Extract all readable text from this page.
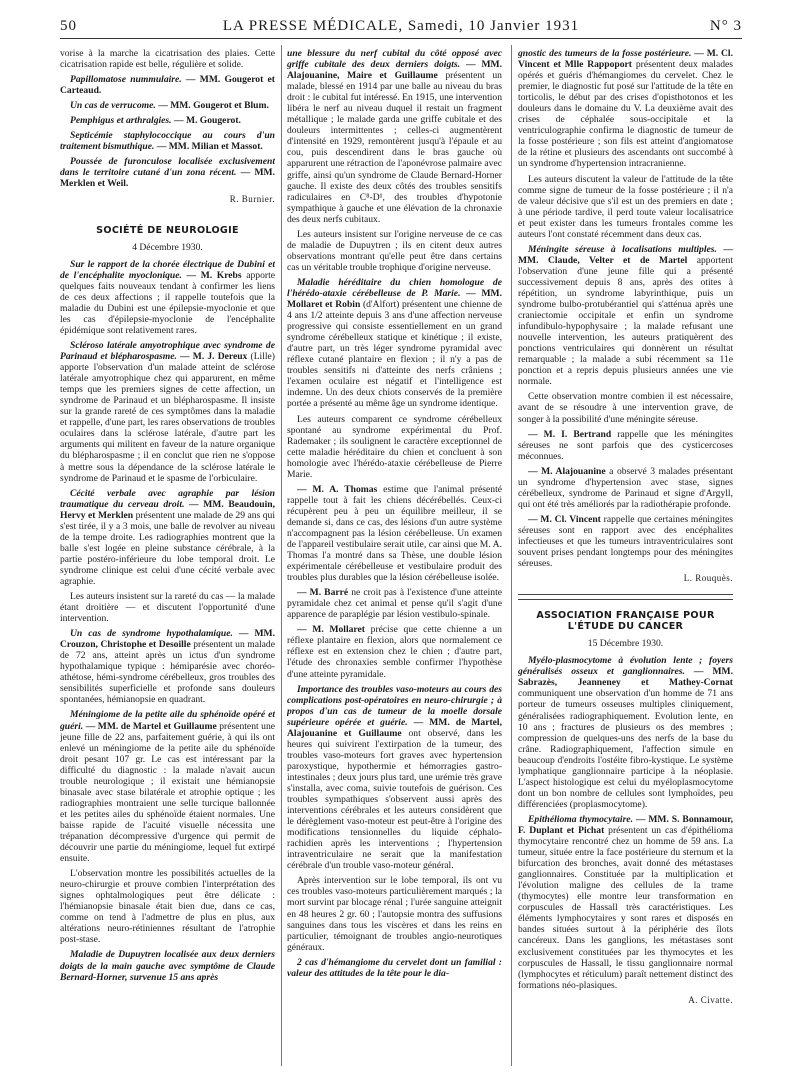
50	LA PRESSE MÉDICALE, Samedi, 10 Janvier 1931	N° 3

vorise à la marche la cicatrisation des plaies. Cette cicatrisation rapide est belle, régulière et solide.

Papillomatose nummulaire. — MM. Gougerot et Carteaud.

Un cas de verrucome. — MM. Gougerot et Blum.

Pemphigus et arthralgies. — M. Gougerot.

Septicémie staphylococcique au cours d'un traitement bismuthique. — MM. Milian et Massot.

Poussée de furonculose localisée exclusivement dans le territoire cutané d'un zona récent. — MM. Merklen et Weil.

R. Burnier.
SOCIÉTÉ DE NEUROLOGIE
4 Décembre 1930.

Sur le rapport de la chorée électrique de Dubini et de l'encéphalite myoclonique. — M. Krebs apporte quelques faits nouveaux tendant à confirmer les liens de ces deux affections ; il rappelle toutefois que la maladie du Dubini est une épilepsie-myoclonie et que les cas d'épilepsie-myoclonie de l'encéphalite épidémique sont relativement rares.

Scléroso latérale amyotrophique avec syndrome de Parinaud et blépharospasme. — M. J. Dereux (Lille) apporte l'observation d'un malade atteint de sclérose latérale amyotrophique chez qui apparurent, en même temps que les premiers signes de cette affection, un syndrome de Parinaud et un blépharospasme. Il insiste sur la grande rareté de ces symptômes dans la maladie et rappelle, d'une part, les rares observations de troubles oculaires dans la sclérose latérale, d'autre part les arguments qui militent en faveur de la nature organique du blépharospasme ; il en conclut que rien ne s'oppose à mettre sous la dépendance de la sclérose latérale le syndrome de Parinaud et le spasme de l'orbiculaire.

Cécité verbale avec agraphie par lésion traumatique du cerveau droit. — MM. Beaudouin, Hervy et Merklen présentent une malade de 29 ans qui s'est tirée, il y a 3 mois, une balle de revolver au niveau de la tempe droite. Les radiographies montrent que la balle s'est logée en pleine substance cérébrale, à la partie postéro-inférieure du lobe temporal droit. Le syndrome clinique est celui d'une cécité verbale avec agraphie.

Les auteurs insistent sur la rareté du cas — la malade étant droitière — et discutent l'opportunité d'une intervention.

Un cas de syndrome hypothalamique. — MM. Crouzon, Christophe et Desoille présentent un malade de 72 ans, atteint après un ictus d'un syndrome hypothalamique typique : hémiparésie avec choréo-athétose, hémi-syndrome cérébelleux, gros troubles des sensibilités superficielle et profonde sans douleurs spontanées, hémianopsie en quadrant.

Méningiome de la petite aile du sphénoïde opéré et guéri. — MM. de Martel et Guillaume présentent une jeune fille de 22 ans, parfaitement guérie, à qui ils ont enlevé un méningiome de la petite aile du sphénoïde droit pesant 107 gr. Le cas est intéressant par la difficulté du diagnostic : la malade n'avait aucun trouble neurologique ; il existait une hémianopsie binasale avec stase bilatérale et atrophie optique ; les radiographies montraient une selle turcique ballonnée et les petites ailes du sphénoïde étaient normales. Une baisse rapide de l'acuité visuelle nécessita une trépanation décompressive d'urgence qui permit de découvrir une partie du méningiome, lequel fut extirpé ensuite.

L'observation montre les possibilités actuelles de la neuro-chirurgie et prouve combien l'interprétation des signes ophtalmologiques peut être délicate : l'hémianopsie binasale était bien due, dans ce cas, comme on tend à l'admettre de plus en plus, aux altérations neuro-rétiniennes résultant de l'atrophie post-stase.

Maladie de Dupuytren localisée aux deux derniers doigts de la main gauche avec symptôme de Claude Bernard-Horner, survenue 15 ans après

une blessure du nerf cubital du côté opposé avec griffe cubitale des deux derniers doigts. — MM. Alajouanine, Maire et Guillaume présentent un malade, blessé en 1914 par une balle au niveau du bras droit : le cubital fut intéressé. En 1915, une intervention libéra le nerf au niveau duquel il restait un fragment métallique ; le malade garda une griffe cubitale et des douleurs intermittentes ; celles-ci augmentèrent d'intensité en 1929, remontèrent jusqu'à l'épaule et au cou, puis descendirent dans le bras gauche où apparurent une rétraction de l'aponévrose palmaire avec griffe, ainsi qu'un syndrome de Claude Bernard-Horner gauche. Il existe des deux côtés des troubles sensitifs radiculaires en C⁸-D¹, des troubles d'hypotonie sympathique à gauche et une élévation de la chronaxie des deux nerfs cubitaux.

Les auteurs insistent sur l'origine nerveuse de ce cas de maladie de Dupuytren ; ils en citent deux autres observations montrant qu'elle peut être dans certains cas un véritable trouble trophique d'origine nerveuse.

Maladie héréditaire du chien homologue de l'hérédo-ataxie cérébelleuse de P. Marie. — MM. Mollaret et Robin (d'Alfort) présentent une chienne de 4 ans 1/2 atteinte depuis 3 ans d'une affection nerveuse progressive qui consiste essentiellement en un grand syndrome cérébelleux statique et kinétique ; il existe, d'autre part, un très léger syndrome pyramidal avec réflexe cutané plantaire en flexion ; il n'y a pas de troubles sensitifs ni d'atteinte des nerfs crâniens ; l'examen oculaire est négatif et l'intelligence est indemne. Un des deux chiots conservés de la première portée a présenté au même âge un syndrome identique.

Les auteurs comparent ce syndrome cérébelleux spontané au syndrome expérimental du Prof. Rademaker ; ils soulignent le caractère exceptionnel de cette maladie héréditaire du chien et concluent à son homologie avec l'hérédo-ataxie cérébelleuse de Pierre Marie.

— M. A. Thomas estime que l'animal présenté rappelle tout à fait les chiens décérébellés. Ceux-ci récupèrent peu à peu un équilibre meilleur, il se demande si, dans ce cas, des lésions d'un autre système n'accompagnent pas la lésion cérébelleuse. Un examen de l'appareil vestibulaire serait utile, car ainsi que M. A. Thomas l'a montré dans sa Thèse, une double lésion expérimentale cérébelleuse et vestibulaire produit des troubles plus durables que la lésion cérébelleuse isolée.

— M. Barré ne croit pas à l'existence d'une atteinte pyramidale chez cet animal et pense qu'il s'agit d'une apparence de paraplégie par lésion vestibulo-spinale.

— M. Mollaret précise que cette chienne a un réflexe plantaire en flexion, alors que normalement ce réflexe est en extension chez le chien ; d'autre part, l'étude des chronaxies semble confirmer l'hypothèse d'une atteinte pyramidale.

Importance des troubles vaso-moteurs au cours des complications post-opératoires en neuro-chirurgie ; à propos d'un cas de tumeur de la moelle dorsale supérieure opérée et guérie. — MM. de Martel, Alajouanine et Guillaume ont observé, dans les heures qui suivirent l'extirpation de la tumeur, des troubles vaso-moteurs fort graves avec hypertension paroxystique, hypothermie et hémorragies gastro-intestinales ; deux jours plus tard, une urémie très grave s'installa, avec coma, suivie toutefois de guérison. Ces troubles sympathiques s'observent aussi après des interventions cérébrales et les auteurs considèrent que le dérèglement vaso-moteur est peut-être à l'origine des modifications tensionnelles du liquide céphalo-rachidien après les interventions ; l'hypertension intraventriculaire ne serait que la manifestation cérébrale d'un trouble vaso-moteur général.

Après intervention sur le lobe temporal, ils ont vu ces troubles vaso-moteurs particulièrement marqués ; la mort survint par blocage rénal ; l'urée sanguine atteignit en 48 heures 2 gr. 60 ; l'autopsie montra des suffusions sanguines dans tous les viscères et dans les reins en particulier, témoignant de troubles angio-neurotiques généraux.

2 cas d'hémangiome du cervelet dont un familial : valeur des attitudes de la tête pour le dia-

gnostic des tumeurs de la fosse postérieure. — M. Cl. Vincent et Mlle Rappoport présentent deux malades opérés et guéris d'hémangiomes du cervelet. Chez le premier, le diagnostic fut posé sur l'attitude de la tête en torticolis, le début par des crises d'opisthotonos et les douleurs dans le domaine du V. La deuxième avait des crises de céphalée sous-occipitale et la ventriculographie confirma le diagnostic de tumeur de la fosse postérieure ; son fils est atteint d'angiomatose de la rétine et plusieurs des ascendants ont succombé à un syndrome d'hypertension intracranienne.

Les auteurs discutent la valeur de l'attitude de la tête comme signe de tumeur de la fosse postérieure ; il n'a de valeur décisive que s'il est un des premiers en date ; à une période tardive, il perd toute valeur localisatrice et peut exister dans les tumeurs frontales comme les auteurs l'ont constaté récemment dans deux cas.

Méningite séreuse à localisations multiples. — MM. Claude, Velter et de Martel apportent l'observation d'une jeune fille qui a présenté successivement depuis 8 ans, après des otites à répétition, un syndrome labyrinthique, puis un syndrome bulbo-protubérantiel qui s'atténua après une craniectomie occipitale et enfin un syndrome infundibulo-hypophysaire ; la malade refusant une nouvelle intervention, les auteurs pratiquèrent des ponctions ventriculaires qui donnèrent un résultat remarquable ; la malade a subi récemment sa 11e ponction et a repris depuis plusieurs années une vie normale.

Cette observation montre combien il est nécessaire, avant de se résoudre à une intervention grave, de songer à la possibilité d'une méningite séreuse.

— M. I. Bertrand rappelle que les méningites séreuses ne sont parfois que des cysticercoses méconnues.

— M. Alajouanine a observé 3 malades présentant un syndrome d'hypertension avec stase, signes cérébelleux, syndrome de Parinaud et signe d'Argyll, qui ont été très améliorés par la radiothérapie profonde.

— M. Cl. Vincent rappelle que certaines méningites séreuses sont en rapport avec des encéphalites infectieuses et que les tumeurs intraventriculaires sont souvent prises pendant longtemps pour des méningites séreuses.

L. Rouquès.
ASSOCIATION FRANÇAISE POUR L'ÉTUDE DU CANCER
15 Décembre 1930.

Myélo-plasmocytome à évolution lente ; foyers généralisés osseux et ganglionnaires. — MM. Sabrazès, Jeanneney et Mathey-Cornat communiquent une observation d'un homme de 71 ans porteur de tumeurs osseuses multiples cliniquement, généralisées radiographiquement. Evolution lente, en 10 ans ; fractures de plusieurs os des membres ; compression de quelques-uns des nerfs de la base du crâne. Radiographiquement, l'affection simule en beaucoup d'endroits l'ostéite fibro-kystique. Le système lymphatique ganglionnaire participe à la néoplasie. L'aspect histologique est celui du myéloplasmocytome dont un bon nombre de cellules sont lymphoïdes, peu différenciées (proplasmocytome).

Epithélioma thymocytaire. — MM. S. Bonnamour, F. Duplant et Pichat présentent un cas d'épithélioma thymocytaire rencontré chez un homme de 59 ans. La tumeur, située entre la face postérieure du sternum et la bifurcation des bronches, avait donné des métastases ganglionnaires. Constituée par la multiplication et l'évolution maligne des cellules de la trame (thymocytes) elle montre leur transformation en corpuscules de Hassall très caractéristiques. Les éléments lymphocytaires y sont rares et disposés en bandes situées surtout à la périphérie des îlots cancéreux. Dans les ganglions, les métastases sont exclusivement constituées par les thymocytes et les corpuscules de Hassall, le tissu ganglionnaire normal (lymphocytes et réticulum) paraît nettement distinct des formations néo-plasiques.

A. Civatte.
